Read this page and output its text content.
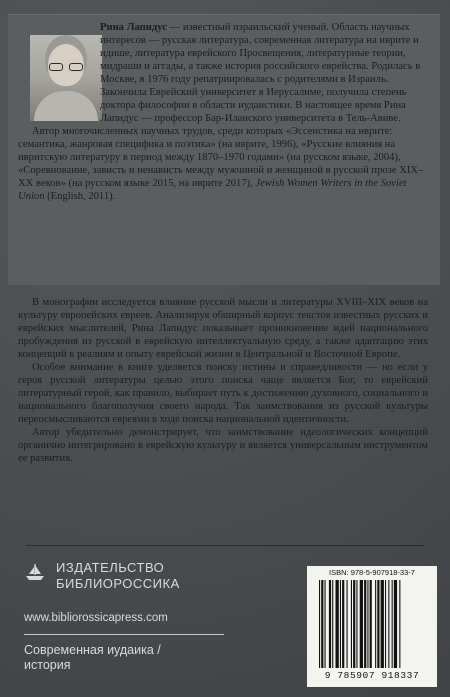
Рина Лапидус — известный израильский ученый. Область научных интересов — русская литература, современная литература на иврите и идише, литература еврейского Просвещения, литературные теории, мидраши и аггады, а также история российского еврейства. Родилась в Москве, в 1976 году репатриировалась с родителями в Израиль. Закончила Еврейский университет в Иерусалиме, получила степень доктора философии в области иудаистики. В настоящее время Рина Лапидус — профессор Бар-Иланского университета в Тель-Авиве.

Автор многочисленных научных трудов, среди которых «Эссеистика на иврите: семантика, жанровая специфика и поэтика» (на иврите, 1996), «Русские влияния на ивритскую литературу в период между 1870–1970 годами» (на русском языке, 2004), «Соревнование, зависть и ненависть между мужчиной и женщиной в русской прозе XIX–XX веков» (на русском языке 2015, на иврите 2017), Jewish Women Writers in the Soviet Union (English, 2011).

В монографии исследуется влияние русской мысли и литературы XVIII–XIX веков на культуру европейских евреев. Анализируя обширный корпус текстов известных русских и еврейских мыслителей, Рина Лапидус показывает проникновение идей национального пробуждения из русской в еврейскую интеллектуальную среду, а также адаптацию этих концепций к реалиям и опыту еврейской жизни в Центральной и Восточной Европе.

Особое внимание в книге уделяется поиску истины и справедливости — но если у героя русской литературы целью этого поиска чаще является Бог, то еврейский литературный герой, как правило, выбирает путь к достижению духовного, социального и национального благополучия своего народа. Так заимствования из русской культуры переосмысливаются евреями в ходе поиска национальной идентичности.

Автор убедительно демонстрирует, что заимствование идеологических концепций органично интегрировано в еврейскую культуру и является универсальным инструментом ее развития.

ИЗДАТЕЛЬСТВО
БИБЛИОРОССИКА
www.bibliorossicapress.com
Современная иудаика /
история
ISBN: 978-5-907918-33-7
9 785907 918337
